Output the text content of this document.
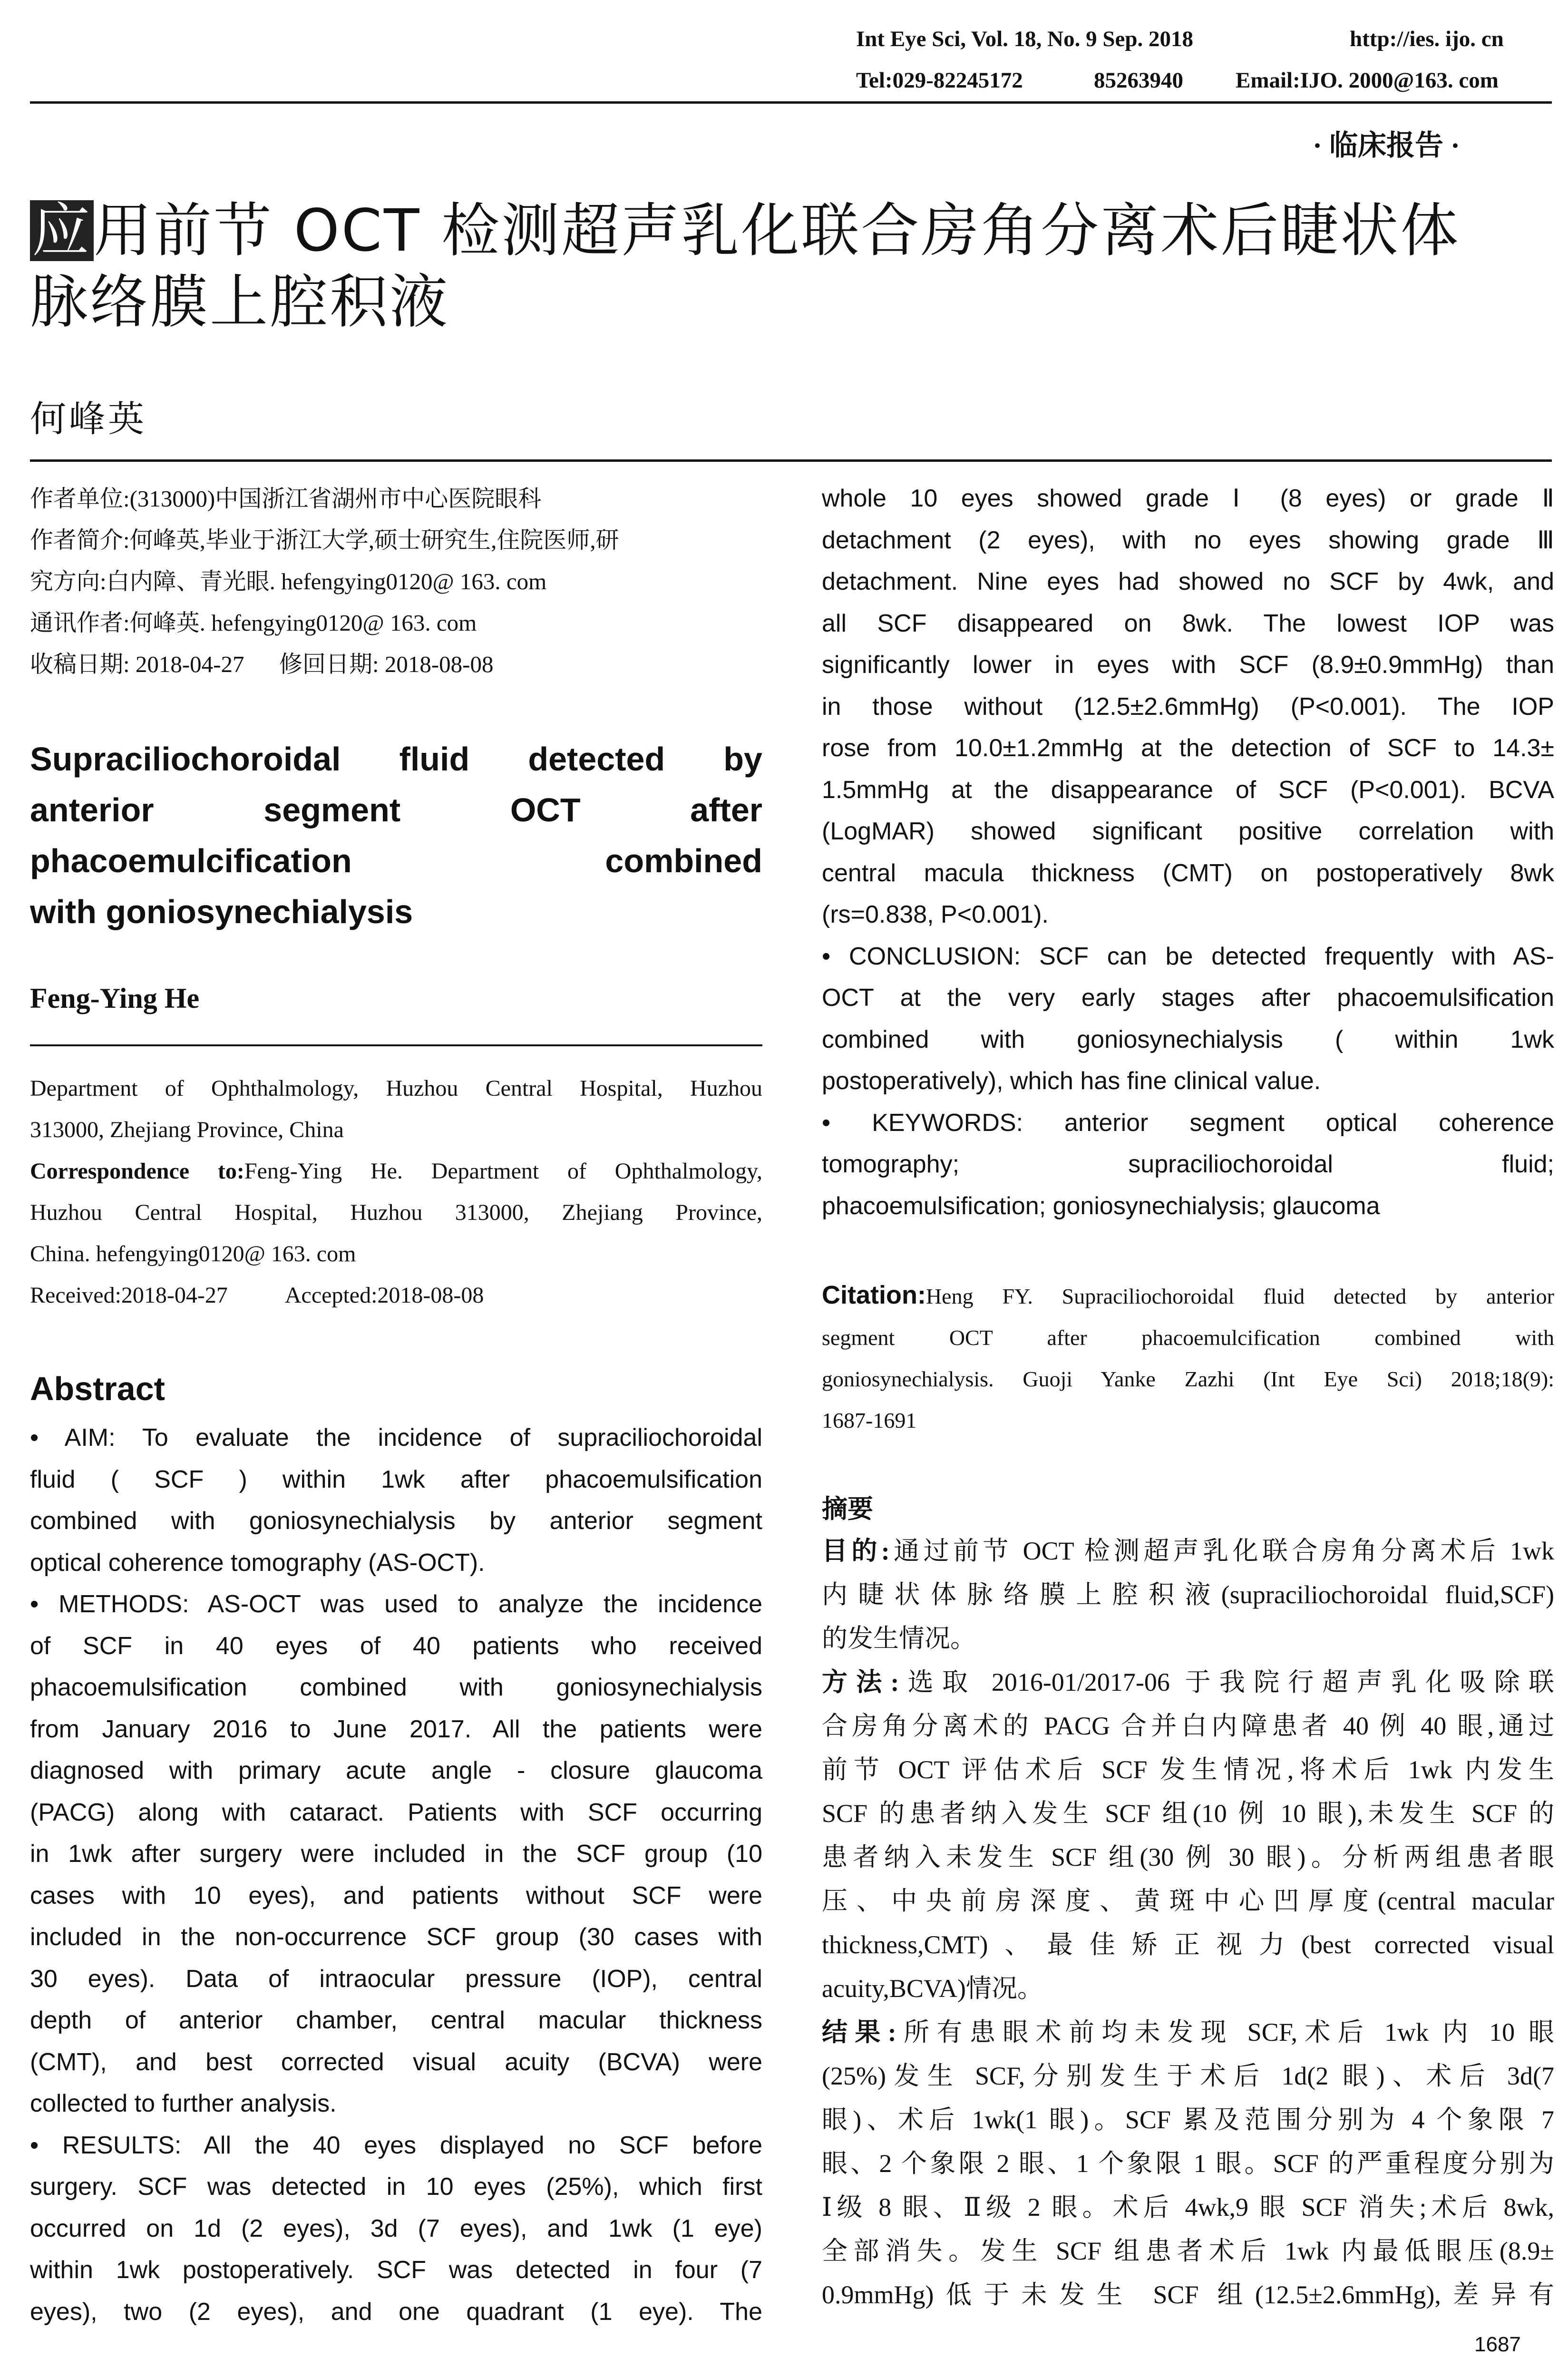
Int Eye Sci, Vol. 18, No. 9 Sep. 2018	http://ies. ijo. cn
Tel:029-82245172	85263940 Email:IJO. 2000@163. com
· 临床报告 ·
应用前节 OCT 检测超声乳化联合房角分离术后睫状体
脉络膜上腔积液
何峰英
作者单位:(313000)中国浙江省湖州市中心医院眼科
作者简介:何峰英,毕业于浙江大学,硕士研究生,住院医师,研
究方向:白内障、青光眼. hefengying0120@ 163. com
通讯作者:何峰英. hefengying0120@ 163. com
收稿日期: 2018-04-27      修回日期: 2018-08-08
Supraciliochoroidal fluid detected by
anterior segment OCT after
phacoemulcification combined
with goniosynechialysis
Feng-Ying He
Department of Ophthalmology, Huzhou Central Hospital, Huzhou
313000, Zhejiang Province, China
Correspondence to:Feng-Ying He. Department of Ophthalmology,
Huzhou Central Hospital, Huzhou 313000, Zhejiang Province,
China. hefengying0120@ 163. com
Received:2018-04-27	Accepted:2018-08-08
Abstract
• AIM: To evaluate the incidence of supraciliochoroidal
fluid ( SCF ) within 1wk after phacoemulsification
combined with goniosynechialysis by anterior segment
optical coherence tomography (AS-OCT).
• METHODS: AS-OCT was used to analyze the incidence
of SCF in 40 eyes of 40 patients who received
phacoemulsification combined with goniosynechialysis
from January 2016 to June 2017. All the patients were
diagnosed with primary acute angle - closure glaucoma
(PACG) along with cataract. Patients with SCF occurring
in 1wk after surgery were included in the SCF group (10
cases with 10 eyes), and patients without SCF were
included in the non-occurrence SCF group (30 cases with
30 eyes). Data of intraocular pressure (IOP), central
depth of anterior chamber, central macular thickness
(CMT), and best corrected visual acuity (BCVA) were
collected to further analysis.
• RESULTS: All the 40 eyes displayed no SCF before
surgery. SCF was detected in 10 eyes (25%), which first
occurred on 1d (2 eyes), 3d (7 eyes), and 1wk (1 eye)
within 1wk postoperatively. SCF was detected in four (7
eyes), two (2 eyes), and one quadrant (1 eye). The
whole 10 eyes showed grade Ⅰ (8 eyes) or grade Ⅱ
detachment (2 eyes), with no eyes showing grade Ⅲ
detachment. Nine eyes had showed no SCF by 4wk, and
all SCF disappeared on 8wk. The lowest IOP was
significantly lower in eyes with SCF (8.9±0.9mmHg) than
in those without (12.5±2.6mmHg) (P<0.001). The IOP
rose from 10.0±1.2mmHg at the detection of SCF to 14.3±
1.5mmHg at the disappearance of SCF (P<0.001). BCVA
(LogMAR) showed significant positive correlation with
central macula thickness (CMT) on postoperatively 8wk
(rs=0.838, P<0.001).
• CONCLUSION: SCF can be detected frequently with AS-
OCT at the very early stages after phacoemulsification
combined with goniosynechialysis ( within 1wk
postoperatively), which has fine clinical value.
• KEYWORDS: anterior segment optical coherence
tomography; supraciliochoroidal fluid;
phacoemulsification; goniosynechialysis; glaucoma
Citation:Heng FY. Supraciliochoroidal fluid detected by anterior
segment OCT after phacoemulcification combined with
goniosynechialysis. Guoji Yanke Zazhi (Int Eye Sci) 2018;18(9):
1687-1691
摘要
目的:通过前节 OCT 检测超声乳化联合房角分离术后 1wk
内睫状体脉络膜上腔积液(supraciliochoroidal fluid,SCF)
的发生情况。
方法:选取 2016-01/2017-06 于我院行超声乳化吸除联
合房角分离术的 PACG 合并白内障患者 40 例 40 眼,通过
前节 OCT 评估术后 SCF 发生情况,将术后 1wk 内发生
SCF 的患者纳入发生 SCF 组(10 例 10 眼),未发生 SCF 的
患者纳入未发生 SCF 组(30 例 30 眼)。分析两组患者眼
压、中央前房深度、黄斑中心凹厚度(central macular
thickness,CMT)、最佳矫正视力(best corrected visual
acuity,BCVA)情况。
结果:所有患眼术前均未发现 SCF,术后 1wk 内 10 眼
(25%)发生 SCF,分别发生于术后 1d(2 眼)、术后 3d(7
眼)、术后 1wk(1 眼)。SCF 累及范围分别为 4 个象限 7
眼、2 个象限 2 眼、1 个象限 1 眼。SCF 的严重程度分别为
Ⅰ级 8 眼、Ⅱ级 2 眼。术后 4wk,9 眼 SCF 消失;术后 8wk,
全部消失。发生 SCF 组患者术后 1wk 内最低眼压(8.9±
0.9mmHg)低于未发生 SCF 组(12.5±2.6mmHg),差异有
1687
